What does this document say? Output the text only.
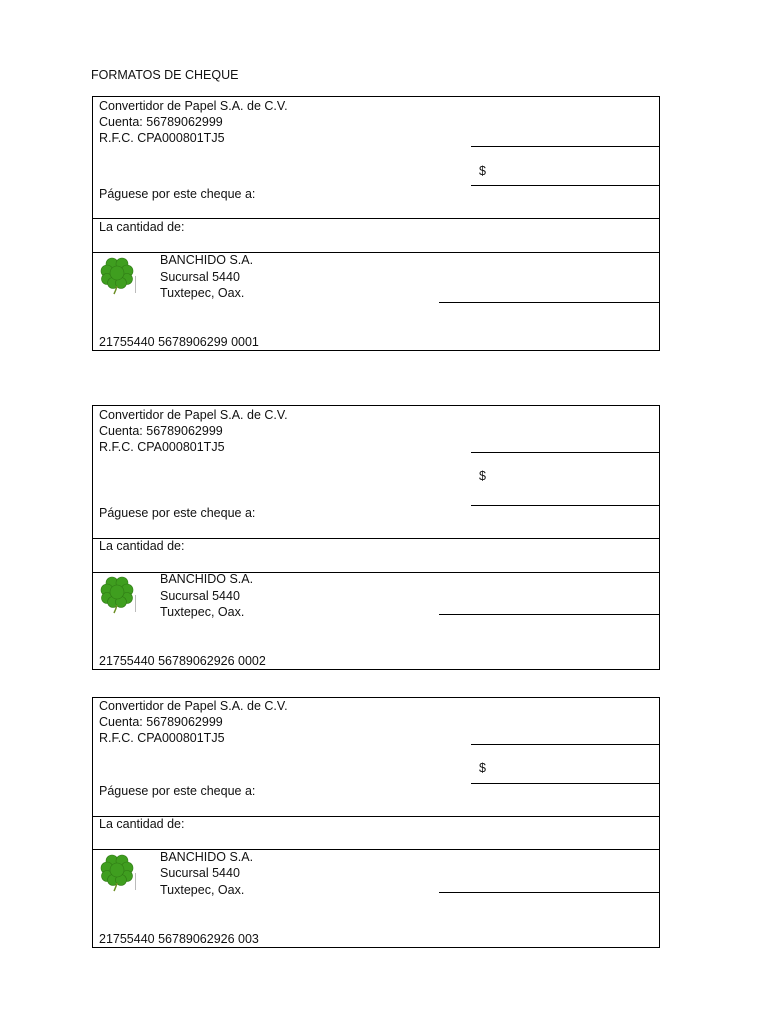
FORMATOS DE CHEQUE
Convertidor de Papel S.A. de C.V.
Cuenta: 56789062999
R.F.C. CPA000801TJ5
$
Páguese por este cheque a:
La cantidad de:
BANCHIDO S.A.
Sucursal 5440
Tuxtepec, Oax.
21755440 5678906299 0001
Convertidor de Papel S.A. de C.V.
Cuenta: 56789062999
R.F.C. CPA000801TJ5
$
Páguese por este cheque a:
La cantidad de:
BANCHIDO S.A.
Sucursal 5440
Tuxtepec, Oax.
21755440 56789062926 0002
Convertidor de Papel S.A. de C.V.
Cuenta: 56789062999
R.F.C. CPA000801TJ5
$
Páguese por este cheque a:
La cantidad de:
BANCHIDO S.A.
Sucursal 5440
Tuxtepec, Oax.
21755440 56789062926 003
